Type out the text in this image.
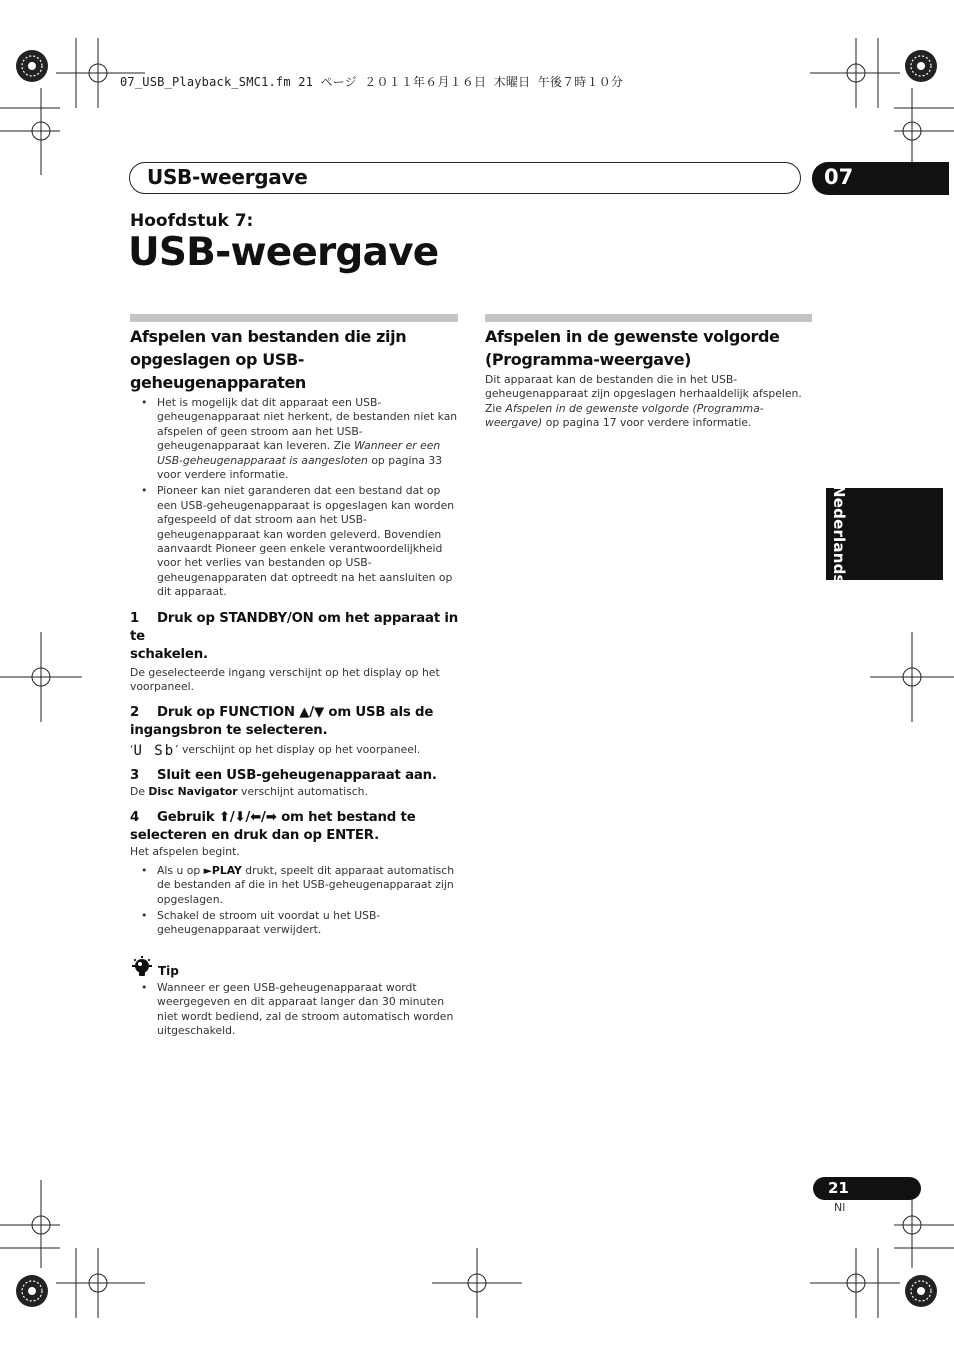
07_USB_Playback_SMC1.fm 21 ページ ２０１１年６月１６日 木曜日 午後７時１０分
USB-weergave	07
Hoofdstuk 7:
USB-weergave
Afspelen van bestanden die zijn
opgeslagen op USB-geheugenapparaten
• Het is mogelijk dat dit apparaat een USB-geheugenapparaat niet herkent, de bestanden niet kan afspelen of geen stroom aan het USB-geheugenapparaat kan leveren. Zie Wanneer er een USB-geheugenapparaat is aangesloten op pagina 33 voor verdere informatie.
• Pioneer kan niet garanderen dat een bestand dat op een USB-geheugenapparaat is opgeslagen kan worden afgespeeld of dat stroom aan het USB-geheugenapparaat kan worden geleverd. Bovendien aanvaardt Pioneer geen enkele verantwoordelijkheid voor het verlies van bestanden op USB-geheugenapparaten dat optreedt na het aansluiten op dit apparaat.
1 Druk op STANDBY/ON om het apparaat in te
schakelen.
De geselecteerde ingang verschijnt op het display op het voorpaneel.
2 Druk op FUNCTION ▲/▼ om USB als de
ingangsbron te selecteren.
‘U Sb’ verschijnt op het display op het voorpaneel.
3 Sluit een USB-geheugenapparaat aan.
De Disc Navigator verschijnt automatisch.
4 Gebruik ⬆/⬇/⬅/➡ om het bestand te
selecteren en druk dan op ENTER.
Het afspelen begint.
• Als u op ►PLAY drukt, speelt dit apparaat automatisch de bestanden af die in het USB-geheugenapparaat zijn opgeslagen.
• Schakel de stroom uit voordat u het USB-geheugenapparaat verwijdert.
Tip
• Wanneer er geen USB-geheugenapparaat wordt weergegeven en dit apparaat langer dan 30 minuten niet wordt bediend, zal de stroom automatisch worden uitgeschakeld.
Afspelen in de gewenste volgorde
(Programma-weergave)
Dit apparaat kan de bestanden die in het USB-geheugenapparaat zijn opgeslagen herhaaldelijk afspelen. Zie Afspelen in de gewenste volgorde (Programma-weergave) op pagina 17 voor verdere informatie.
Nederlands
21
Nl
